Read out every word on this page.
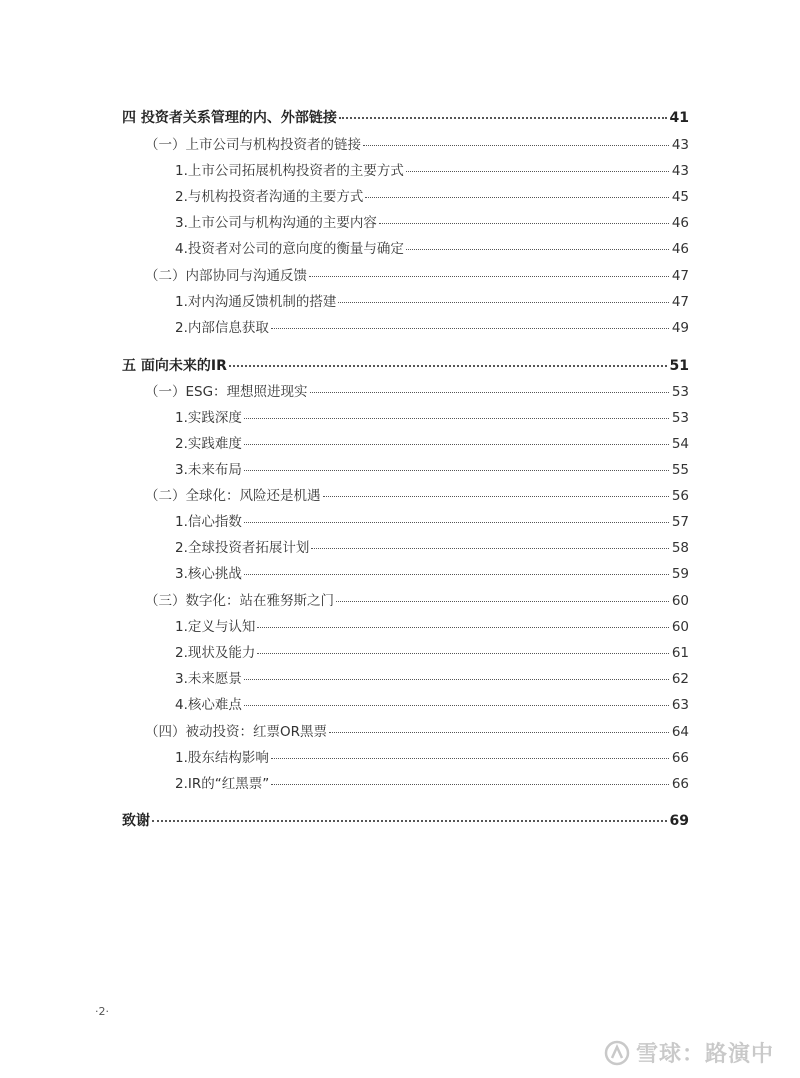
四 投资者关系管理的内、外部链接	41
（一）上市公司与机构投资者的链接	43
1.上市公司拓展机构投资者的主要方式	43
2.与机构投资者沟通的主要方式	45
3.上市公司与机构沟通的主要内容	46
4.投资者对公司的意向度的衡量与确定	46
（二）内部协同与沟通反馈	47
1.对内沟通反馈机制的搭建	47
2.内部信息获取	49
五 面向未来的IR	51
（一）ESG：理想照进现实	53
1.实践深度	53
2.实践难度	54
3.未来布局	55
（二）全球化：风险还是机遇	56
1.信心指数	57
2.全球投资者拓展计划	58
3.核心挑战	59
（三）数字化：站在雅努斯之门	60
1.定义与认知	60
2.现状及能力	61
3.未来愿景	62
4.核心难点	63
（四）被动投资：红票OR黑票	64
1.股东结构影响	66
2.IR的“红黑票”	66
致谢	69
·2·
雪球：路演中
